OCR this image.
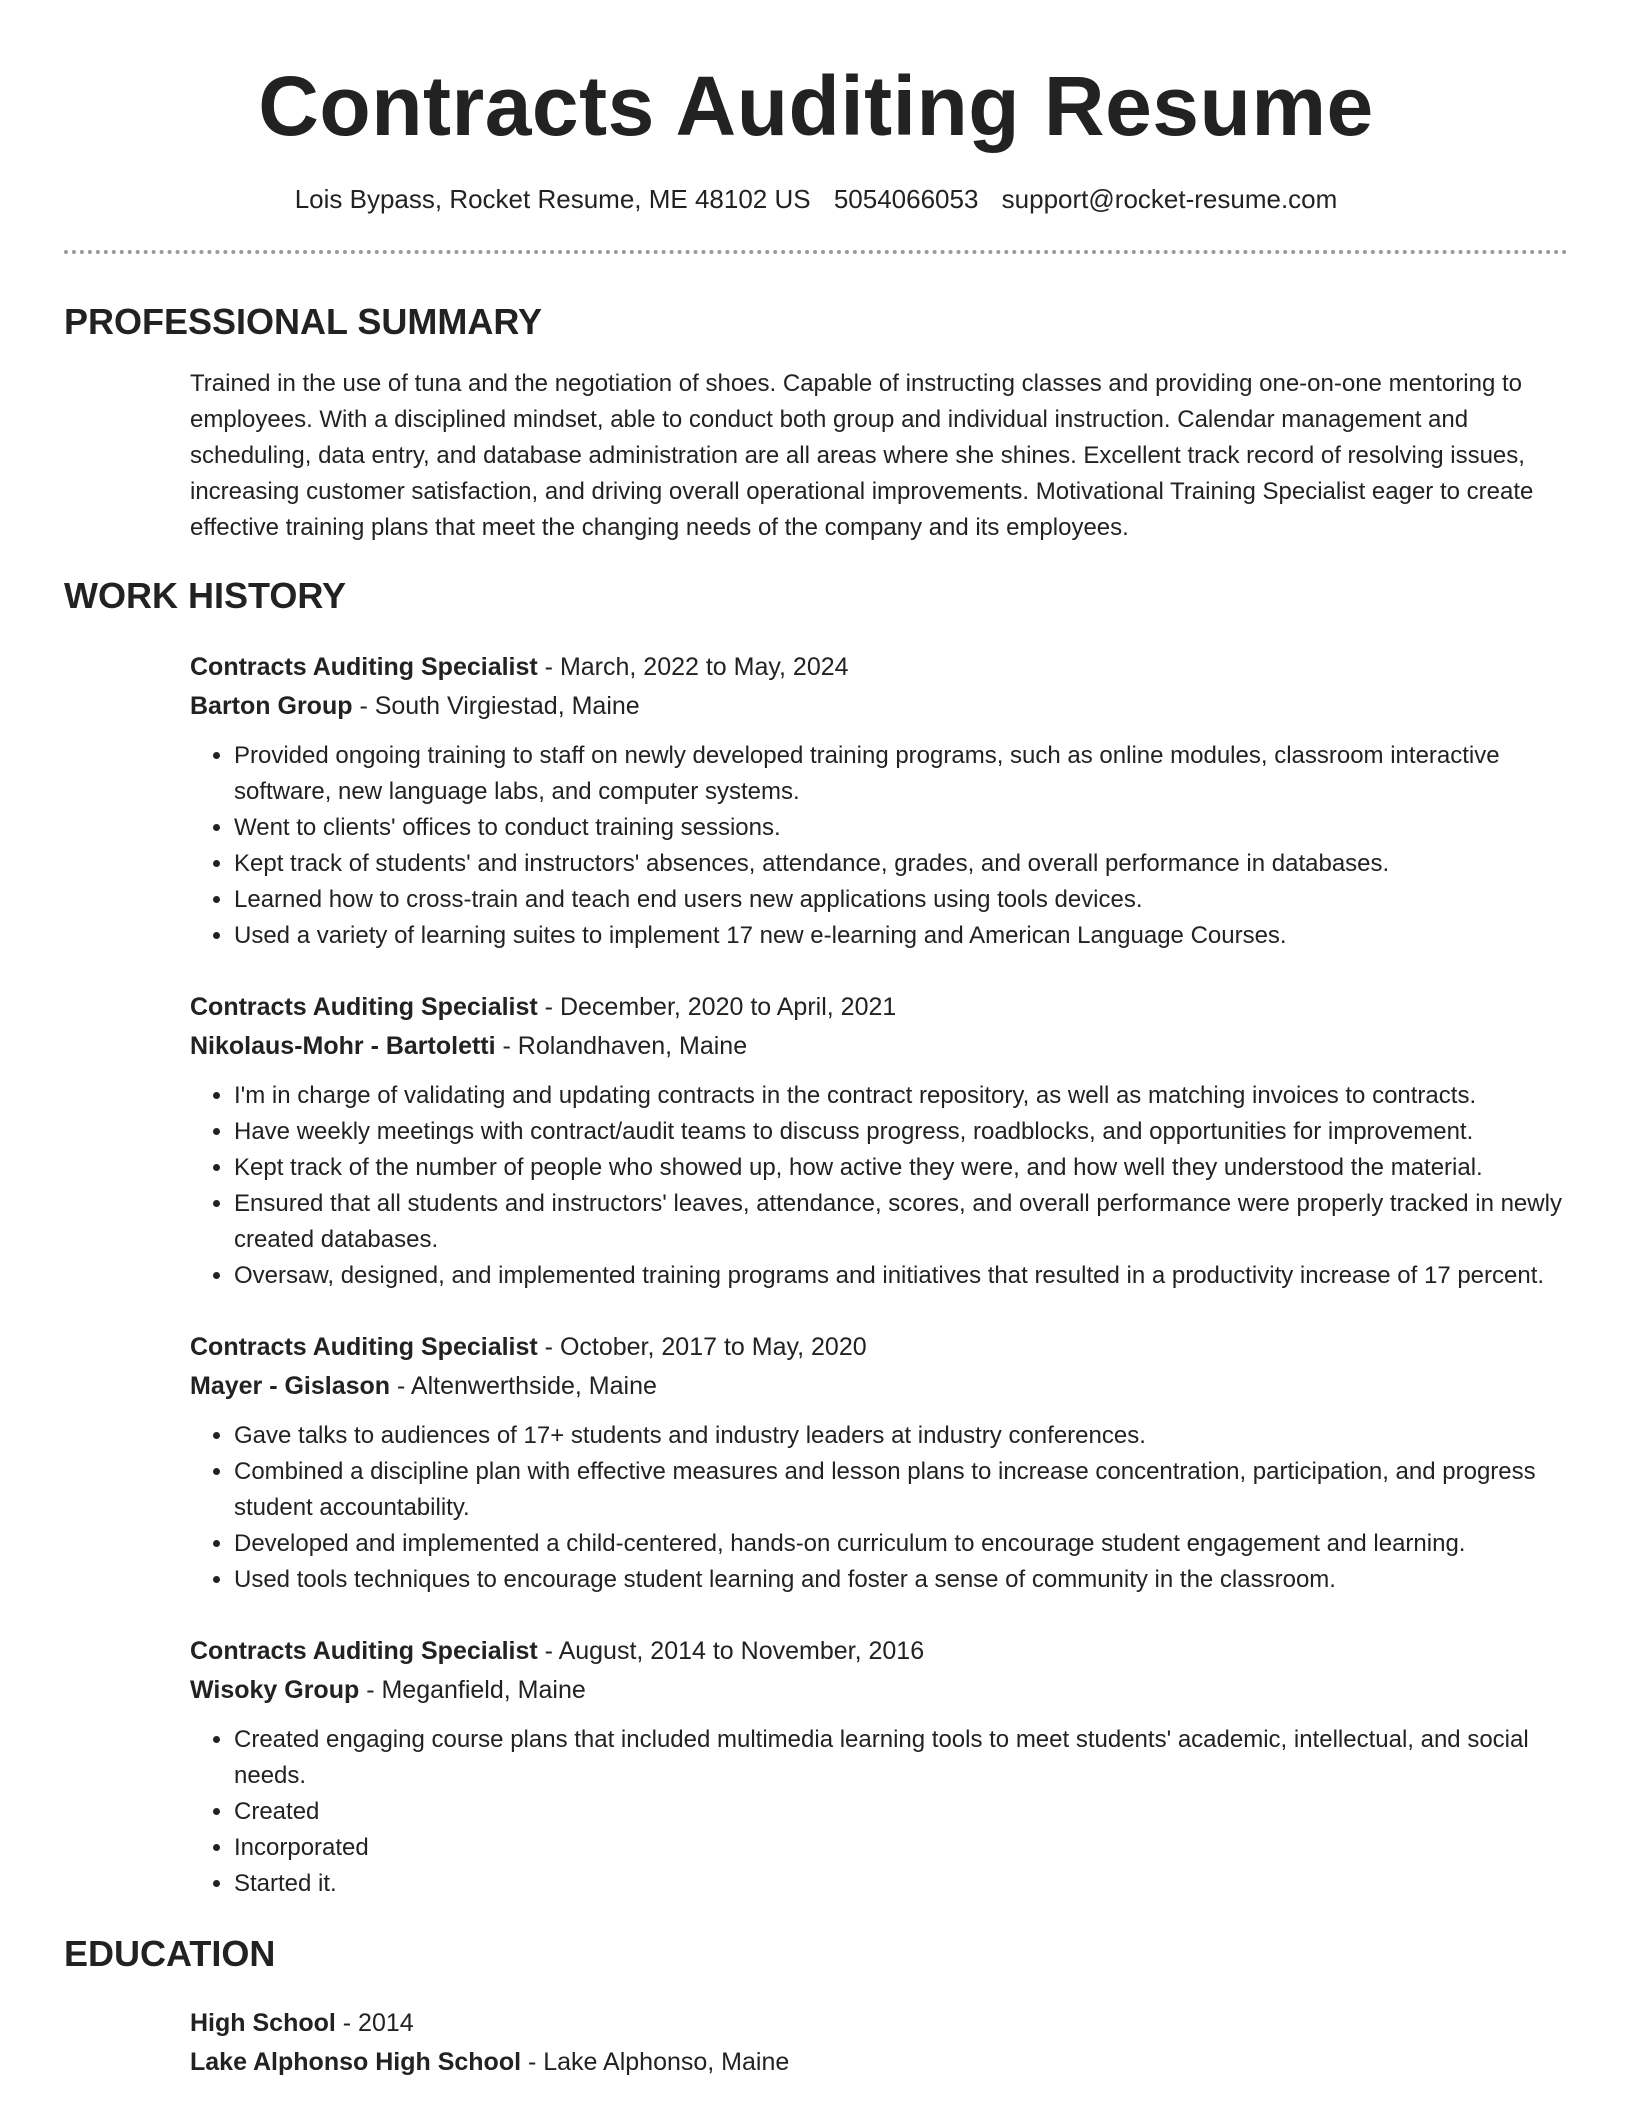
Contracts Auditing Resume
Lois Bypass, Rocket Resume, ME 48102 US 5054066053 support@rocket-resume.com
PROFESSIONAL SUMMARY

Trained in the use of tuna and the negotiation of shoes. Capable of instructing classes and providing one-on-one mentoring to employees. With a disciplined mindset, able to conduct both group and individual instruction. Calendar management and scheduling, data entry, and database administration are all areas where she shines. Excellent track record of resolving issues, increasing customer satisfaction, and driving overall operational improvements. Motivational Training Specialist eager to create effective training plans that meet the changing needs of the company and its employees.

WORK HISTORY
Contracts Auditing Specialist - March, 2022 to May, 2024
Barton Group - South Virgiestad, Maine
• Provided ongoing training to staff on newly developed training programs, such as online modules, classroom interactive software, new language labs, and computer systems.
• Went to clients' offices to conduct training sessions.
• Kept track of students' and instructors' absences, attendance, grades, and overall performance in databases.
• Learned how to cross-train and teach end users new applications using tools devices.
• Used a variety of learning suites to implement 17 new e-learning and American Language Courses.
Contracts Auditing Specialist - December, 2020 to April, 2021
Nikolaus-Mohr - Bartoletti - Rolandhaven, Maine
• I'm in charge of validating and updating contracts in the contract repository, as well as matching invoices to contracts.
• Have weekly meetings with contract/audit teams to discuss progress, roadblocks, and opportunities for improvement.
• Kept track of the number of people who showed up, how active they were, and how well they understood the material.
• Ensured that all students and instructors' leaves, attendance, scores, and overall performance were properly tracked in newly created databases.
• Oversaw, designed, and implemented training programs and initiatives that resulted in a productivity increase of 17 percent.
Contracts Auditing Specialist - October, 2017 to May, 2020
Mayer - Gislason - Altenwerthside, Maine
• Gave talks to audiences of 17+ students and industry leaders at industry conferences.
• Combined a discipline plan with effective measures and lesson plans to increase concentration, participation, and progress student accountability.
• Developed and implemented a child-centered, hands-on curriculum to encourage student engagement and learning.
• Used tools techniques to encourage student learning and foster a sense of community in the classroom.
Contracts Auditing Specialist - August, 2014 to November, 2016
Wisoky Group - Meganfield, Maine
• Created engaging course plans that included multimedia learning tools to meet students' academic, intellectual, and social needs.
• Created
• Incorporated
• Started it.
EDUCATION
High School - 2014
Lake Alphonso High School - Lake Alphonso, Maine
